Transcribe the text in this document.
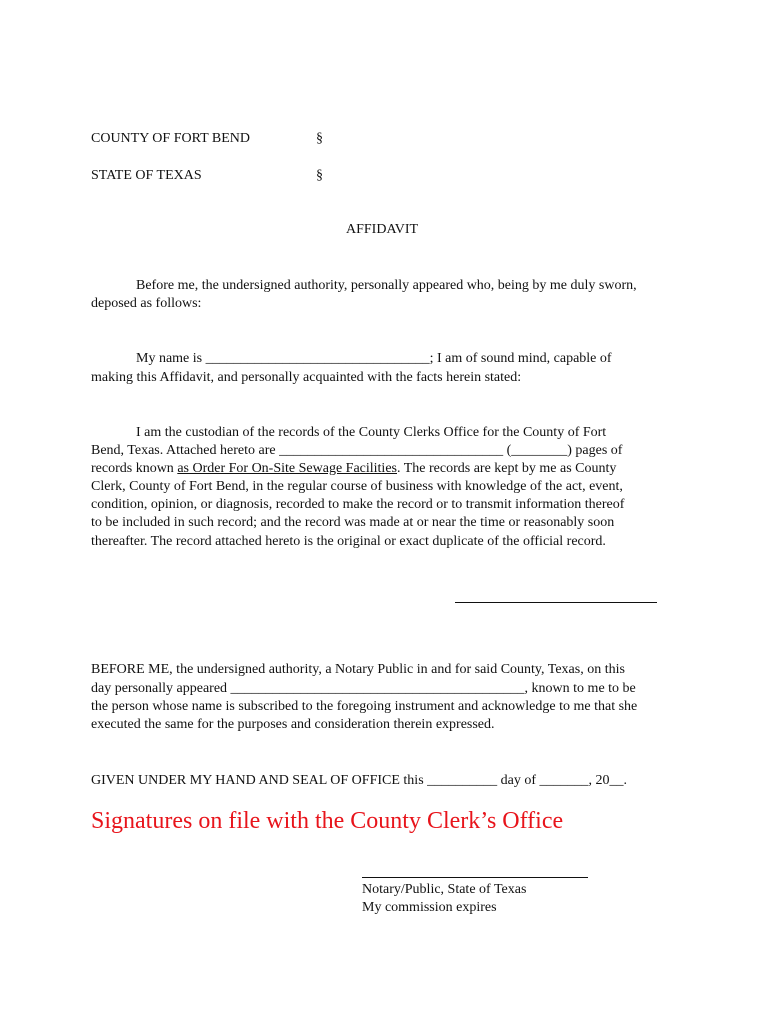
COUNTY OF FORT BEND	§
STATE OF TEXAS	§
AFFIDAVIT
Before me, the undersigned authority, personally appeared who, being by me duly sworn,
deposed as follows:
My name is ________________________________; I am of sound mind, capable of
making this Affidavit, and personally acquainted with the facts herein stated:
I am the custodian of the records of the County Clerks Office for the County of Fort
Bend, Texas. Attached hereto are ________________________________ (________) pages of
records known as Order For On-Site Sewage Facilities. The records are kept by me as County
Clerk, County of Fort Bend, in the regular course of business with knowledge of the act, event,
condition, opinion, or diagnosis, recorded to make the record or to transmit information thereof
to be included in such record; and the record was made at or near the time or reasonably soon
thereafter. The record attached hereto is the original or exact duplicate of the official record.
BEFORE ME, the undersigned authority, a Notary Public in and for said County, Texas, on this
day personally appeared __________________________________________, known to me to be
the person whose name is subscribed to the foregoing instrument and acknowledge to me that she
executed the same for the purposes and consideration therein expressed.
GIVEN UNDER MY HAND AND SEAL OF OFFICE this __________ day of _______, 20__.
Signatures on file with the County Clerk’s Office
Notary/Public, State of Texas
My commission expires
